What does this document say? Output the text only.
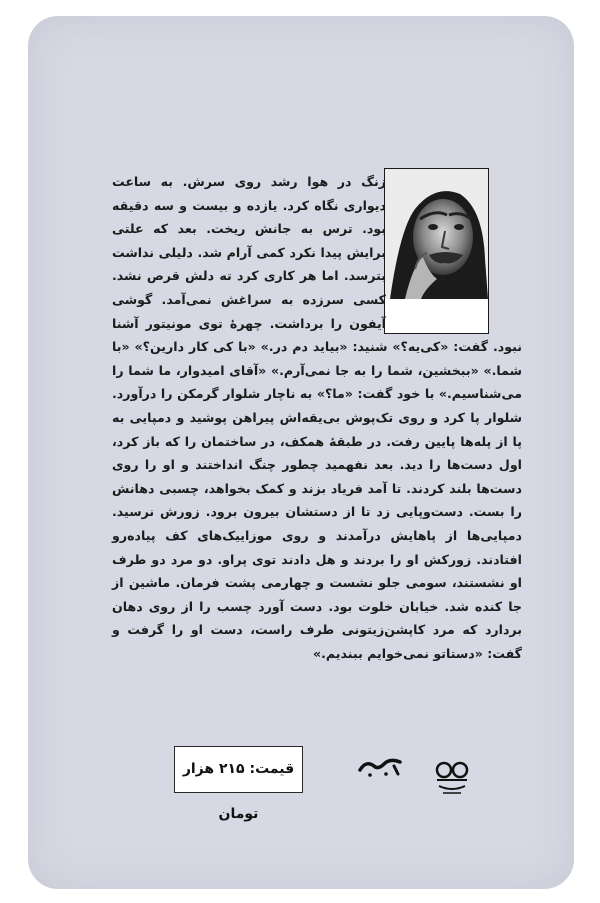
زنگ در هوا رشد روی سرش. به ساعت دیواری نگاه کرد. یازده و بیست و سه دقیقه بود. ترس به جانش ریخت. بعد که علتی برایش پیدا نکرد کمی آرام شد. دلیلی نداشت بترسد. اما هر کاری کرد ته دلش قرص نشد. کسی سرزده به سراغش نمی‌آمد. گوشی آیفون را برداشت. چهرهٔ توی مونیتور آشنا نبود. گفت: «کی‌یه؟» شنید: «بیاید دم در.» «با کی کار دارین؟» «با شما.» «ببخشین، شما را به جا نمی‌آرم.» «آقای امیدوار، ما شما را می‌شناسیم.» با خود گفت: «ما؟» به ناچار شلوار گرمکن را درآورد. شلوار پا کرد و روی تک‌پوش بی‌یقه‌اش پیراهن پوشید و دمپایی به پا از پله‌ها پایین رفت. در طبقهٔ همکف، در ساختمان را که باز کرد، اول دست‌ها را دید. بعد نفهمید چطور چنگ انداختند و او را روی دست‌ها بلند کردند. تا آمد فریاد بزند و کمک بخواهد، چسبی دهانش را بست. دست‌وپایی زد تا از دستشان بیرون برود. زورش نرسید. دمپایی‌ها از پاهایش درآمدند و روی موزاییک‌های کف پیاده‌رو افتادند. زورکش او را بردند و هل دادند توی پراو. دو مرد دو طرف او نشستند، سومی جلو نشست و چهارمی پشت فرمان. ماشین از جا کنده شد. خیابان خلوت بود. دست آورد چسب را از روی دهان بردارد که مرد کاپشن‌زیتونی طرف راست، دست او را گرفت و گفت: «دستاتو نمی‌خوایم ببندیم.»

قیمت: ۲۱۵ هزار تومان
